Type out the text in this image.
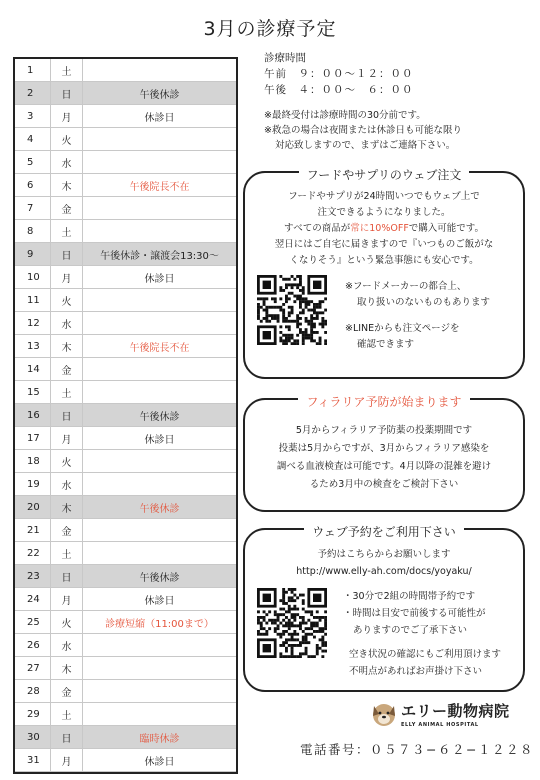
3月の診療予定
1	土
2	日	午後休診
3	月	休診日
4	火
5	水
6	木	午後院長不在
7	金
8	土
9	日	午後休診・譲渡会13:30〜
10	月	休診日
11	火
12	水
13	木	午後院長不在
14	金
15	土
16	日	午後休診
17	月	休診日
18	火
19	水
20	木	午後休診
21	金
22	土
23	日	午後休診
24	月	休診日
25	火	診療短縮（11:00まで）
26	水
27	木
28	金
29	土
30	日	臨時休診
31	月	休診日
診療時間
午前　９：００〜１２：００
午後　４：００〜　６：００
※最終受付は診療時間の30分前です。
※救急の場合は夜間または休診日も可能な限り
対応致しますので、まずはご連絡下さい。
フードやサプリのウェブ注文
フードやサプリが24時間いつでもウェブ上で
注文できるようになりました。
すべての商品が常に10%OFFで購入可能です。
翌日にはご自宅に届きますので『いつものご飯がな
くなりそう』という緊急事態にも安心です。
※フードメーカーの都合上、
取り扱いのないものもあります
※LINEからも注文ページを
確認できます
フィラリア予防が始まります
5月からフィラリア予防薬の投薬期間です
投薬は5月からですが、3月からフィラリア感染を
調べる血液検査は可能です。4月以降の混雑を避け
るため3月中の検査をご検討下さい
ウェブ予約をご利用下さい
予約はこちらからお願いします
http://www.elly-ah.com/docs/yoyaku/
・30分で2組の時間帯予約です
・時間は目安で前後する可能性が
ありますのでご了承下さい
空き状況の確認にもご利用頂けます
不明点があればお声掛け下さい
エリー動物病院
ELLY ANIMAL HOSPITAL
電話番号：０５７３−６２−１２２８
